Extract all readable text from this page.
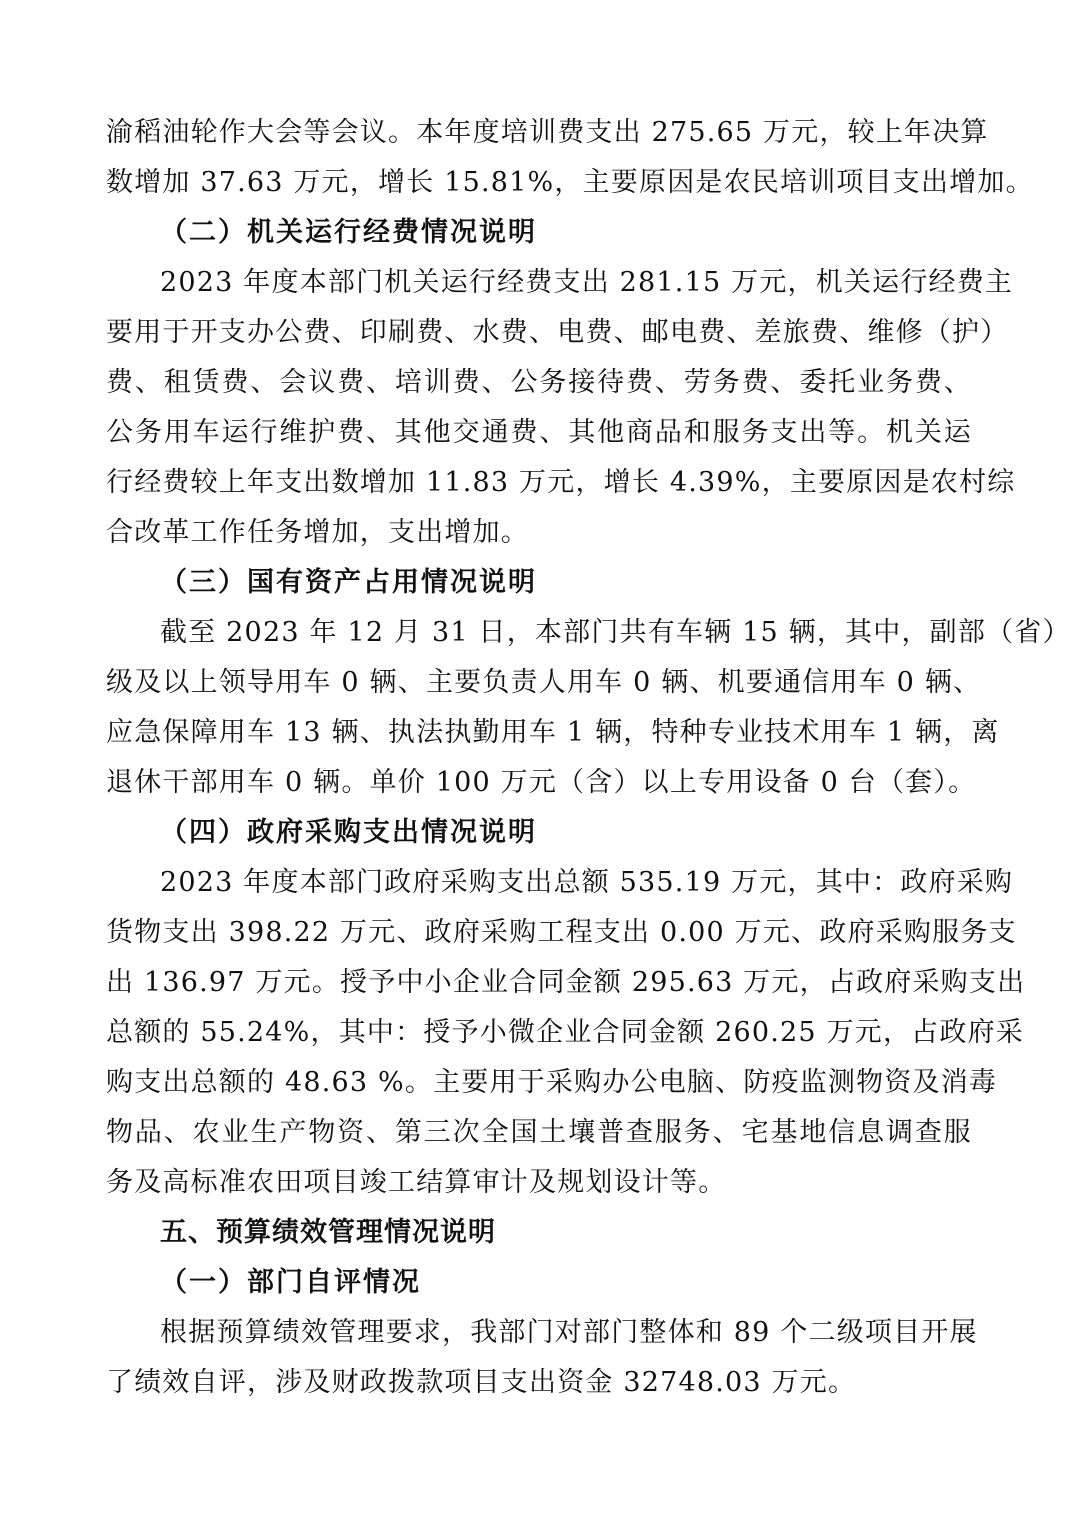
渝稻油轮作大会等会议。本年度培训费支出 275.65 万元，较上年决算
数增加 37.63 万元，增长 15.81%，主要原因是农民培训项目支出增加。
（二）机关运行经费情况说明
2023 年度本部门机关运行经费支出 281.15 万元，机关运行经费主
要用于开支办公费、印刷费、水费、电费、邮电费、差旅费、维修（护）
费、租赁费、会议费、培训费、公务接待费、劳务费、委托业务费、
公务用车运行维护费、其他交通费、其他商品和服务支出等。机关运
行经费较上年支出数增加 11.83 万元，增长 4.39%，主要原因是农村综
合改革工作任务增加，支出增加。
（三）国有资产占用情况说明
截至 2023 年 12 月 31 日，本部门共有车辆 15 辆，其中，副部（省）
级及以上领导用车 0 辆、主要负责人用车 0 辆、机要通信用车 0 辆、
应急保障用车 13 辆、执法执勤用车 1 辆，特种专业技术用车 1 辆，离
退休干部用车 0 辆。单价 100 万元（含）以上专用设备 0 台（套）。
（四）政府采购支出情况说明
2023 年度本部门政府采购支出总额 535.19 万元，其中：政府采购
货物支出 398.22 万元、政府采购工程支出 0.00 万元、政府采购服务支
出 136.97 万元。授予中小企业合同金额 295.63 万元，占政府采购支出
总额的 55.24%，其中：授予小微企业合同金额 260.25 万元，占政府采
购支出总额的 48.63 %。主要用于采购办公电脑、防疫监测物资及消毒
物品、农业生产物资、第三次全国土壤普查服务、宅基地信息调查服
务及高标准农田项目竣工结算审计及规划设计等。
五、预算绩效管理情况说明
（一）部门自评情况
根据预算绩效管理要求，我部门对部门整体和 89 个二级项目开展
了绩效自评，涉及财政拨款项目支出资金 32748.03 万元。
